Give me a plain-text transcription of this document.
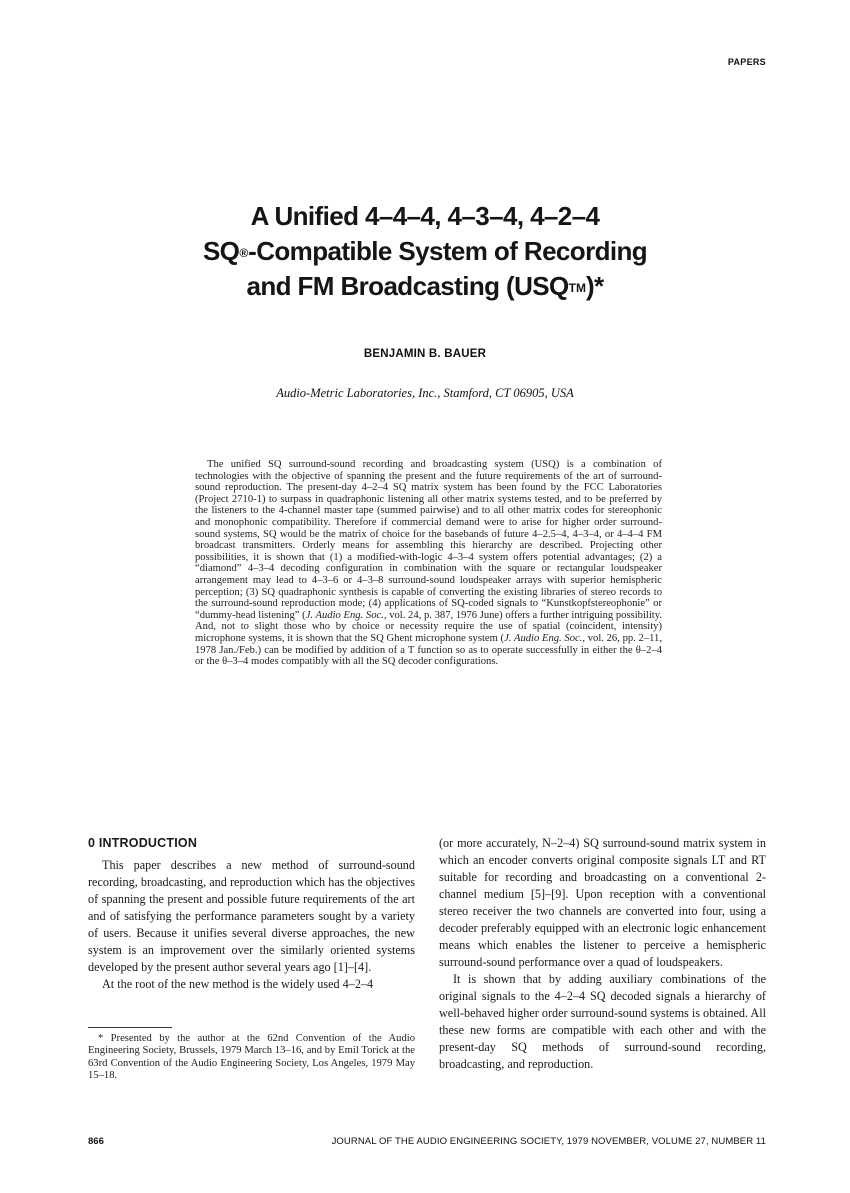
PAPERS
A Unified 4–4–4, 4–3–4, 4–2–4
SQ®-Compatible System of Recording
and FM Broadcasting (USQ™)*
BENJAMIN B. BAUER
Audio-Metric Laboratories, Inc., Stamford, CT 06905, USA
The unified SQ surround-sound recording and broadcasting system (USQ) is a combination of technologies with the objective of spanning the present and the future requirements of the art of surround-sound reproduction. The present-day 4–2–4 SQ matrix system has been found by the FCC Laboratories (Project 2710-1) to surpass in quadraphonic listening all other matrix systems tested, and to be preferred by the listeners to the 4-channel master tape (summed pairwise) and to all other matrix codes for stereophonic and monophonic compatibility. Therefore if commercial demand were to arise for higher order surround-sound systems, SQ would be the matrix of choice for the basebands of future 4–2.5–4, 4–3–4, or 4–4–4 FM broadcast transmitters. Orderly means for assembling this hierarchy are described. Projecting other possibilities, it is shown that (1) a modified-with-logic 4–3–4 system offers potential advantages; (2) a “diamond” 4–3–4 decoding configuration in combination with the square or rectangular loudspeaker arrangement may lead to 4–3–6 or 4–3–8 surround-sound loudspeaker arrays with superior hemispheric perception; (3) SQ quadraphonic synthesis is capable of converting the existing libraries of stereo records to the surround-sound reproduction mode; (4) applications of SQ-coded signals to “Kunstkopfstereophonie” or “dummy-head listening” (J. Audio Eng. Soc., vol. 24, p. 387, 1976 June) offers a further intriguing possibility. And, not to slight those who by choice or necessity require the use of spatial (coincident, intensity) microphone systems, it is shown that the SQ Ghent microphone system (J. Audio Eng. Soc., vol. 26, pp. 2–11, 1978 Jan./Feb.) can be modified by addition of a T function so as to operate successfully in either the θ–2–4 or the θ–3–4 modes compatibly with all the SQ decoder configurations.
0 INTRODUCTION

This paper describes a new method of surround-sound recording, broadcasting, and reproduction which has the objectives of spanning the present and possible future requirements of the art and of satisfying the performance parameters sought by a variety of users. Because it unifies several diverse approaches, the new system is an improvement over the similarly oriented systems developed by the present author several years ago [1]–[4].

At the root of the new method is the widely used 4–2–4

(or more accurately, N–2–4) SQ surround-sound matrix system in which an encoder converts original composite signals LT and RT suitable for recording and broadcasting on a conventional 2-channel medium [5]–[9]. Upon reception with a conventional stereo receiver the two channels are converted into four, using a decoder preferably equipped with an electronic logic enhancement means which enables the listener to perceive a hemispheric surround-sound performance over a quad of loudspeakers.

It is shown that by adding auxiliary combinations of the original signals to the 4–2–4 SQ decoded signals a hierarchy of well-behaved higher order surround-sound systems is obtained. All these new forms are compatible with each other and with the present-day SQ methods of surround-sound recording, broadcasting, and reproduction.

* Presented by the author at the 62nd Convention of the Audio Engineering Society, Brussels, 1979 March 13–16, and by Emil Torick at the 63rd Convention of the Audio Engineering Society, Los Angeles, 1979 May 15–18.
866	JOURNAL OF THE AUDIO ENGINEERING SOCIETY, 1979 NOVEMBER, VOLUME 27, NUMBER 11
